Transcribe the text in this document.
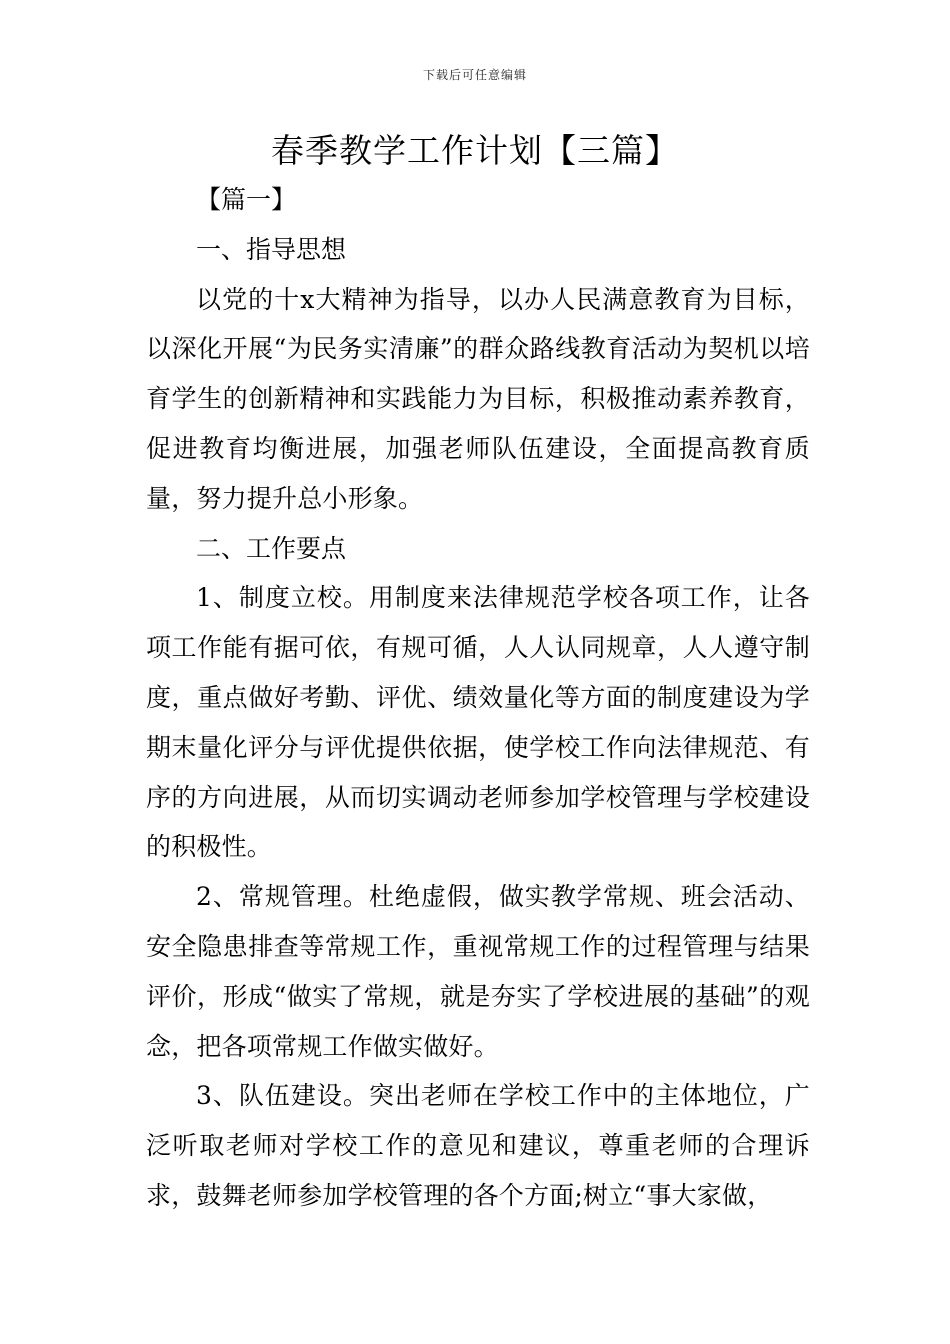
下载后可任意编辑
春季教学工作计划【三篇】

【篇一】

一、指导思想

以党的十x大精神为指导，以办人民满意教育为目标，以深化开展“为民务实清廉”的群众路线教育活动为契机以培育学生的创新精神和实践能力为目标，积极推动素养教育，促进教育均衡进展，加强老师队伍建设，全面提高教育质量，努力提升总小形象。

二、工作要点

1、制度立校。用制度来法律规范学校各项工作，让各项工作能有据可依，有规可循，人人认同规章，人人遵守制度，重点做好考勤、评优、绩效量化等方面的制度建设为学期末量化评分与评优提供依据，使学校工作向法律规范、有序的方向进展，从而切实调动老师参加学校管理与学校建设的积极性。

2、常规管理。杜绝虚假，做实教学常规、班会活动、安全隐患排查等常规工作，重视常规工作的过程管理与结果评价，形成“做实了常规，就是夯实了学校进展的基础”的观念，把各项常规工作做实做好。

3、队伍建设。突出老师在学校工作中的主体地位，广泛听取老师对学校工作的意见和建议，尊重老师的合理诉求，鼓舞老师参加学校管理的各个方面;树立“事大家做，
